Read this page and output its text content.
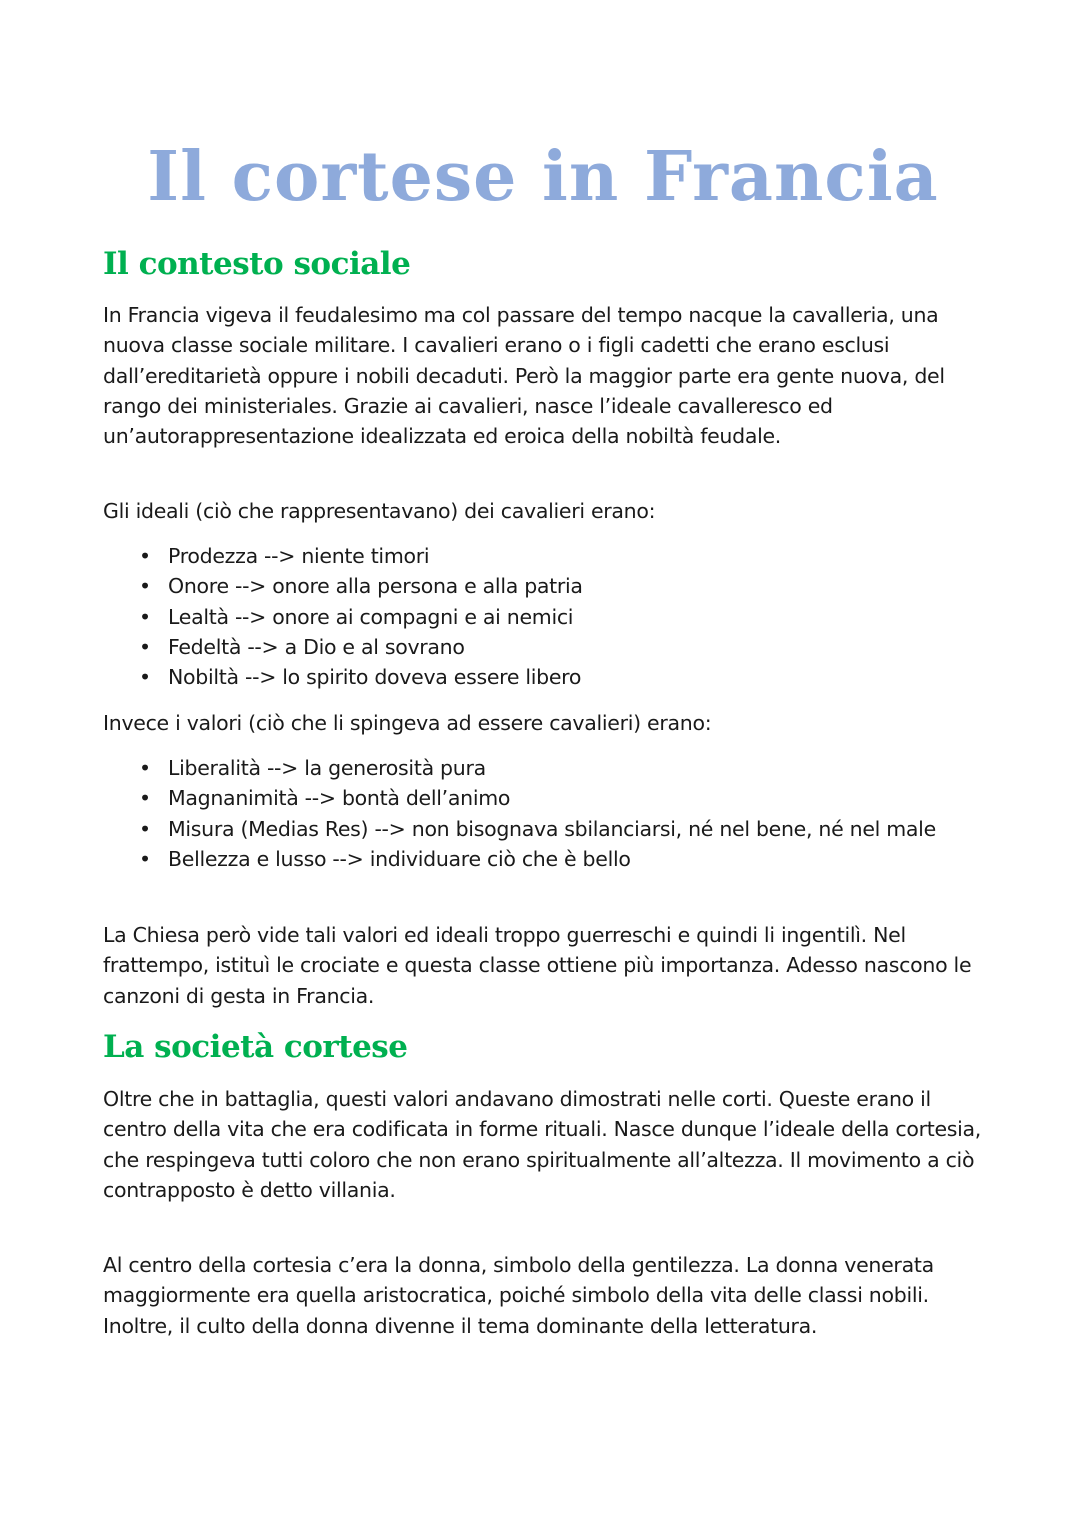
Il cortese in Francia
Il contesto sociale

In Francia vigeva il feudalesimo ma col passare del tempo nacque la cavalleria, una nuova classe sociale militare. I cavalieri erano o i figli cadetti che erano esclusi dall’ereditarietà oppure i nobili decaduti. Però la maggior parte era gente nuova, del rango dei ministeriales. Grazie ai cavalieri, nasce l’ideale cavalleresco ed un’autorappresentazione idealizzata ed eroica della nobiltà feudale.

Gli ideali (ciò che rappresentavano) dei cavalieri erano:

• Prodezza --> niente timori
• Onore --> onore alla persona e alla patria
• Lealtà --> onore ai compagni e ai nemici
• Fedeltà --> a Dio e al sovrano
• Nobiltà --> lo spirito doveva essere libero

Invece i valori (ciò che li spingeva ad essere cavalieri) erano:

• Liberalità --> la generosità pura
• Magnanimità --> bontà dell’animo
• Misura (Medias Res) --> non bisognava sbilanciarsi, né nel bene, né nel male
• Bellezza e lusso --> individuare ciò che è bello

La Chiesa però vide tali valori ed ideali troppo guerreschi e quindi li ingentilì. Nel frattempo, istituì le crociate e questa classe ottiene più importanza. Adesso nascono le canzoni di gesta in Francia.

La società cortese

Oltre che in battaglia, questi valori andavano dimostrati nelle corti. Queste erano il centro della vita che era codificata in forme rituali. Nasce dunque l’ideale della cortesia, che respingeva tutti coloro che non erano spiritualmente all’altezza. Il movimento a ciò contrapposto è detto villania.

Al centro della cortesia c’era la donna, simbolo della gentilezza. La donna venerata maggiormente era quella aristocratica, poiché simbolo della vita delle classi nobili. Inoltre, il culto della donna divenne il tema dominante della letteratura.
